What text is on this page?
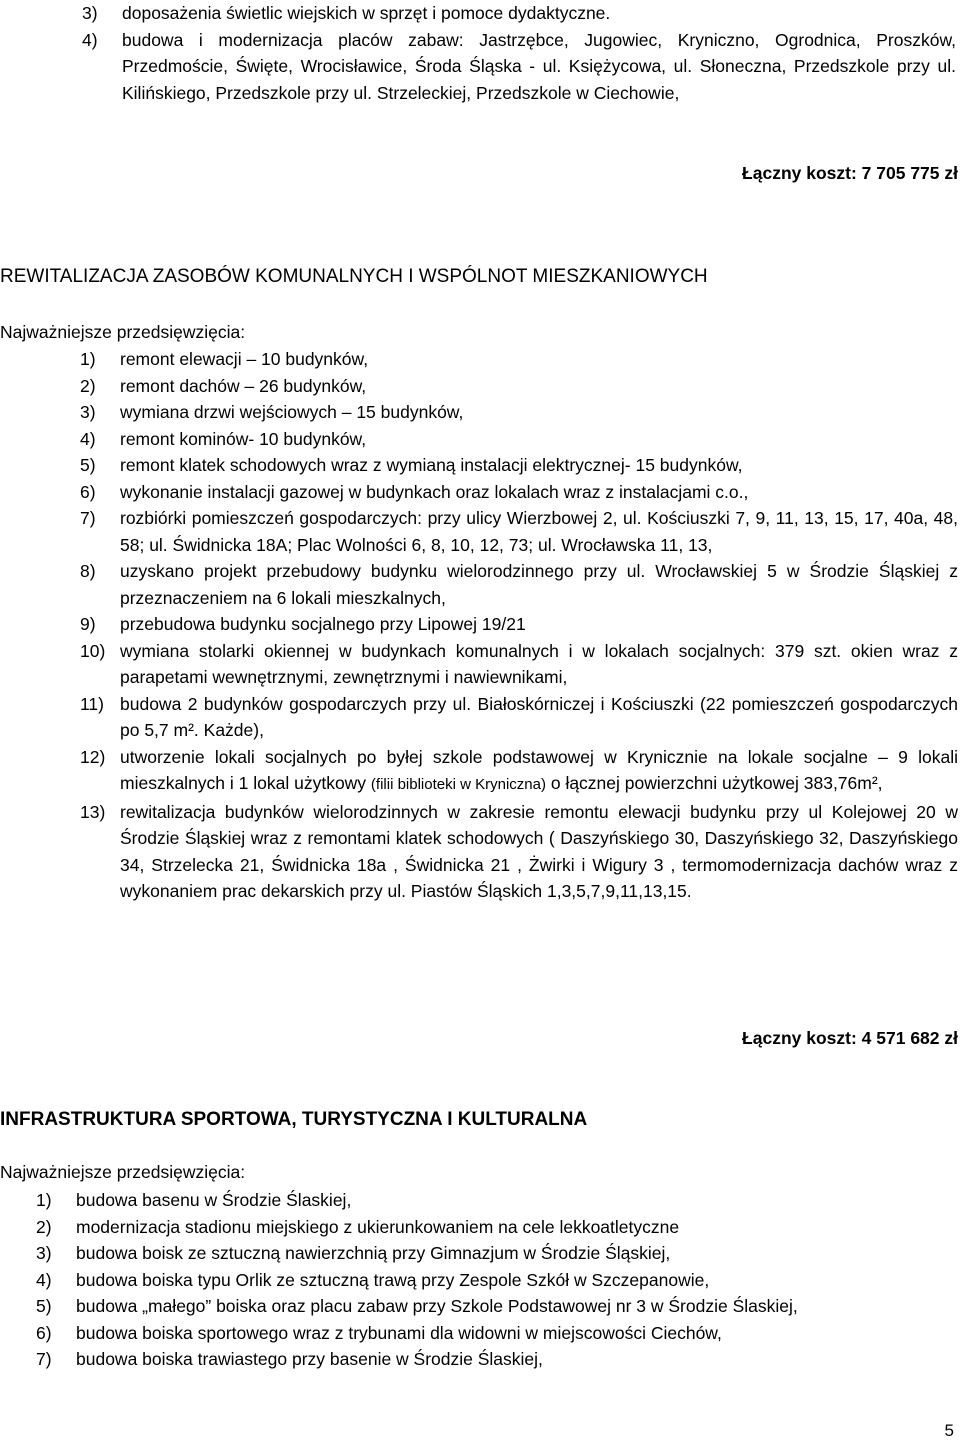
3)	doposażenia świetlic wiejskich w sprzęt i pomoce dydaktyczne.
4)	budowa i modernizacja placów zabaw: Jastrzębce, Jugowiec, Kryniczno, Ogrodnica, Proszków, Przedmoście, Święte, Wrocisławice, Środa Śląska - ul. Księżycowa, ul. Słoneczna, Przedszkole przy ul. Kilińskiego, Przedszkole przy ul. Strzeleckiej, Przedszkole w Ciechowie,
Łączny koszt: 7 705 775 zł
REWITALIZACJA ZASOBÓW KOMUNALNYCH I WSPÓLNOT MIESZKANIOWYCH
Najważniejsze przedsięwzięcia:
1)	remont elewacji – 10 budynków,
2)	remont dachów – 26 budynków,
3)	wymiana drzwi wejściowych – 15 budynków,
4)	remont kominów- 10 budynków,
5)	remont klatek schodowych wraz z wymianą instalacji elektrycznej- 15 budynków,
6)	wykonanie instalacji gazowej w budynkach oraz lokalach wraz z instalacjami c.o.,
7)	rozbiórki pomieszczeń gospodarczych: przy ulicy Wierzbowej 2, ul. Kościuszki 7, 9, 11, 13, 15, 17, 40a, 48, 58; ul. Świdnicka 18A; Plac Wolności 6, 8, 10, 12, 73; ul. Wrocławska 11, 13,
8)	uzyskano projekt przebudowy budynku wielorodzinnego przy ul. Wrocławskiej 5 w Środzie Śląskiej z przeznaczeniem na 6 lokali mieszkalnych,
9)	przebudowa budynku socjalnego przy Lipowej 19/21
10) wymiana stolarki okiennej w budynkach komunalnych i w lokalach socjalnych: 379 szt. okien wraz z parapetami wewnętrznymi, zewnętrznymi i nawiewnikami,
11) budowa 2 budynków gospodarczych przy ul. Białoskórniczej i Kościuszki (22 pomieszczeń gospodarczych po 5,7 m². Każde),
12) utworzenie lokali socjalnych po byłej szkole podstawowej w Krynicznie na lokale socjalne – 9 lokali mieszkalnych i 1 lokal użytkowy (filii biblioteki w Kryniczna) o łącznej powierzchni użytkowej 383,76m²,
13) rewitalizacja budynków wielorodzinnych w zakresie remontu elewacji budynku przy ul Kolejowej 20 w Środzie Śląskiej wraz z remontami klatek schodowych ( Daszyńskiego 30, Daszyńskiego 32, Daszyńskiego 34, Strzelecka 21, Świdnicka 18a , Świdnicka 21 , Żwirki i Wigury 3 , termomodernizacja dachów wraz z wykonaniem prac dekarskich przy ul. Piastów Śląskich 1,3,5,7,9,11,13,15.
Łączny koszt: 4 571 682 zł
INFRASTRUKTURA SPORTOWA, TURYSTYCZNA I KULTURALNA
Najważniejsze przedsięwzięcia:
1)	budowa basenu w Środzie Ślaskiej,
2)	modernizacja stadionu miejskiego z ukierunkowaniem na cele lekkoatletyczne
3)	budowa boisk ze sztuczną nawierzchnią przy Gimnazjum w Środzie Śląskiej,
4)	budowa boiska typu Orlik ze sztuczną trawą przy Zespole Szkół w Szczepanowie,
5)	budowa „małego” boiska oraz placu zabaw przy Szkole Podstawowej nr 3 w Środzie Ślaskiej,
6)	budowa boiska sportowego wraz z trybunami dla widowni w miejscowości Ciechów,
7)	budowa boiska trawiastego przy basenie w Środzie Ślaskiej,
5
